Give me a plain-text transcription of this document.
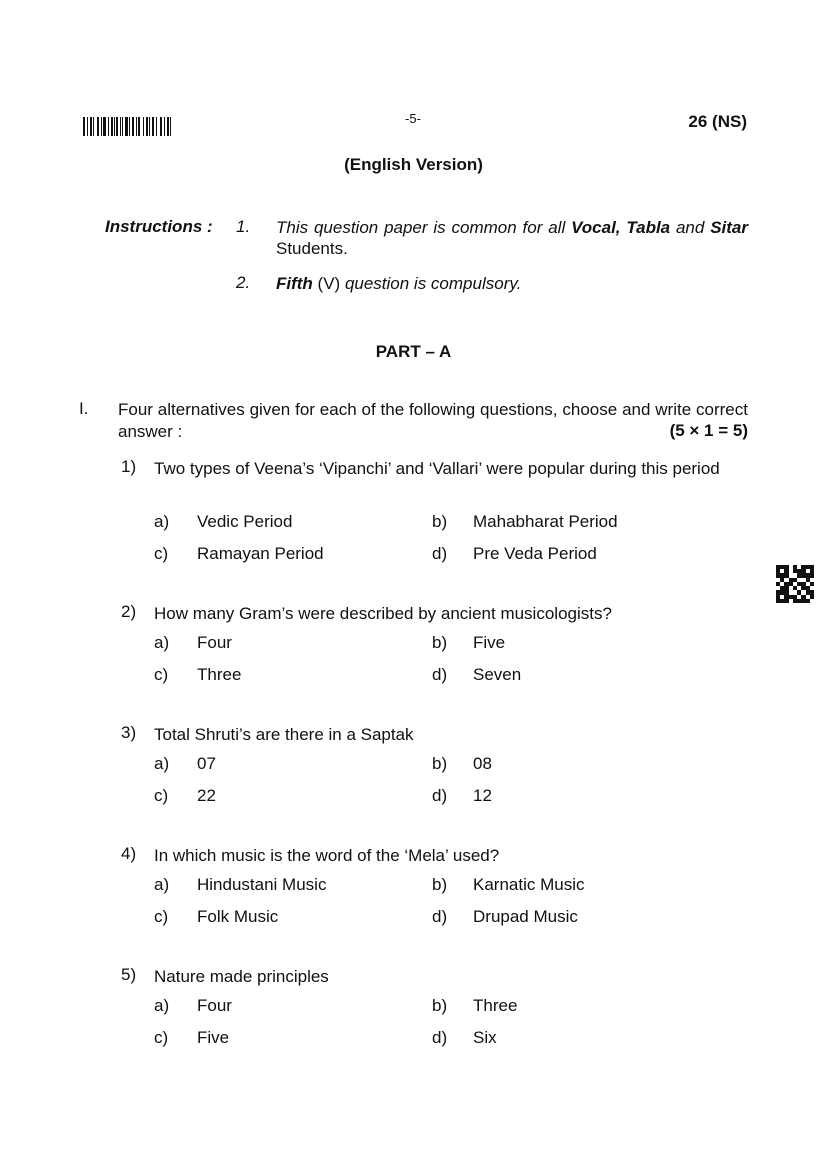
-5-	26 (NS)
(English Version)
Instructions : 1. This question paper is common for all Vocal, Tabla and Sitar Students.
2. Fifth (V) question is compulsory.
PART – A
I. Four alternatives given for each of the following questions, choose and write correct answer :	(5 × 1 = 5)
1) Two types of Veena’s ‘Vipanchi’ and ‘Vallari’ were popular during this period
a) Vedic Period	b) Mahabharat Period
c) Ramayan Period	d) Pre Veda Period
2) How many Gram’s were described by ancient musicologists?
a) Four	b) Five
c) Three	d) Seven
3) Total Shruti’s are there in a Saptak
a) 07	b) 08
c) 22	d) 12
4) In which music is the word of the ‘Mela’ used?
a) Hindustani Music	b) Karnatic Music
c) Folk Music	d) Drupad Music
5) Nature made principles
a) Four	b) Three
c) Five	d) Six
